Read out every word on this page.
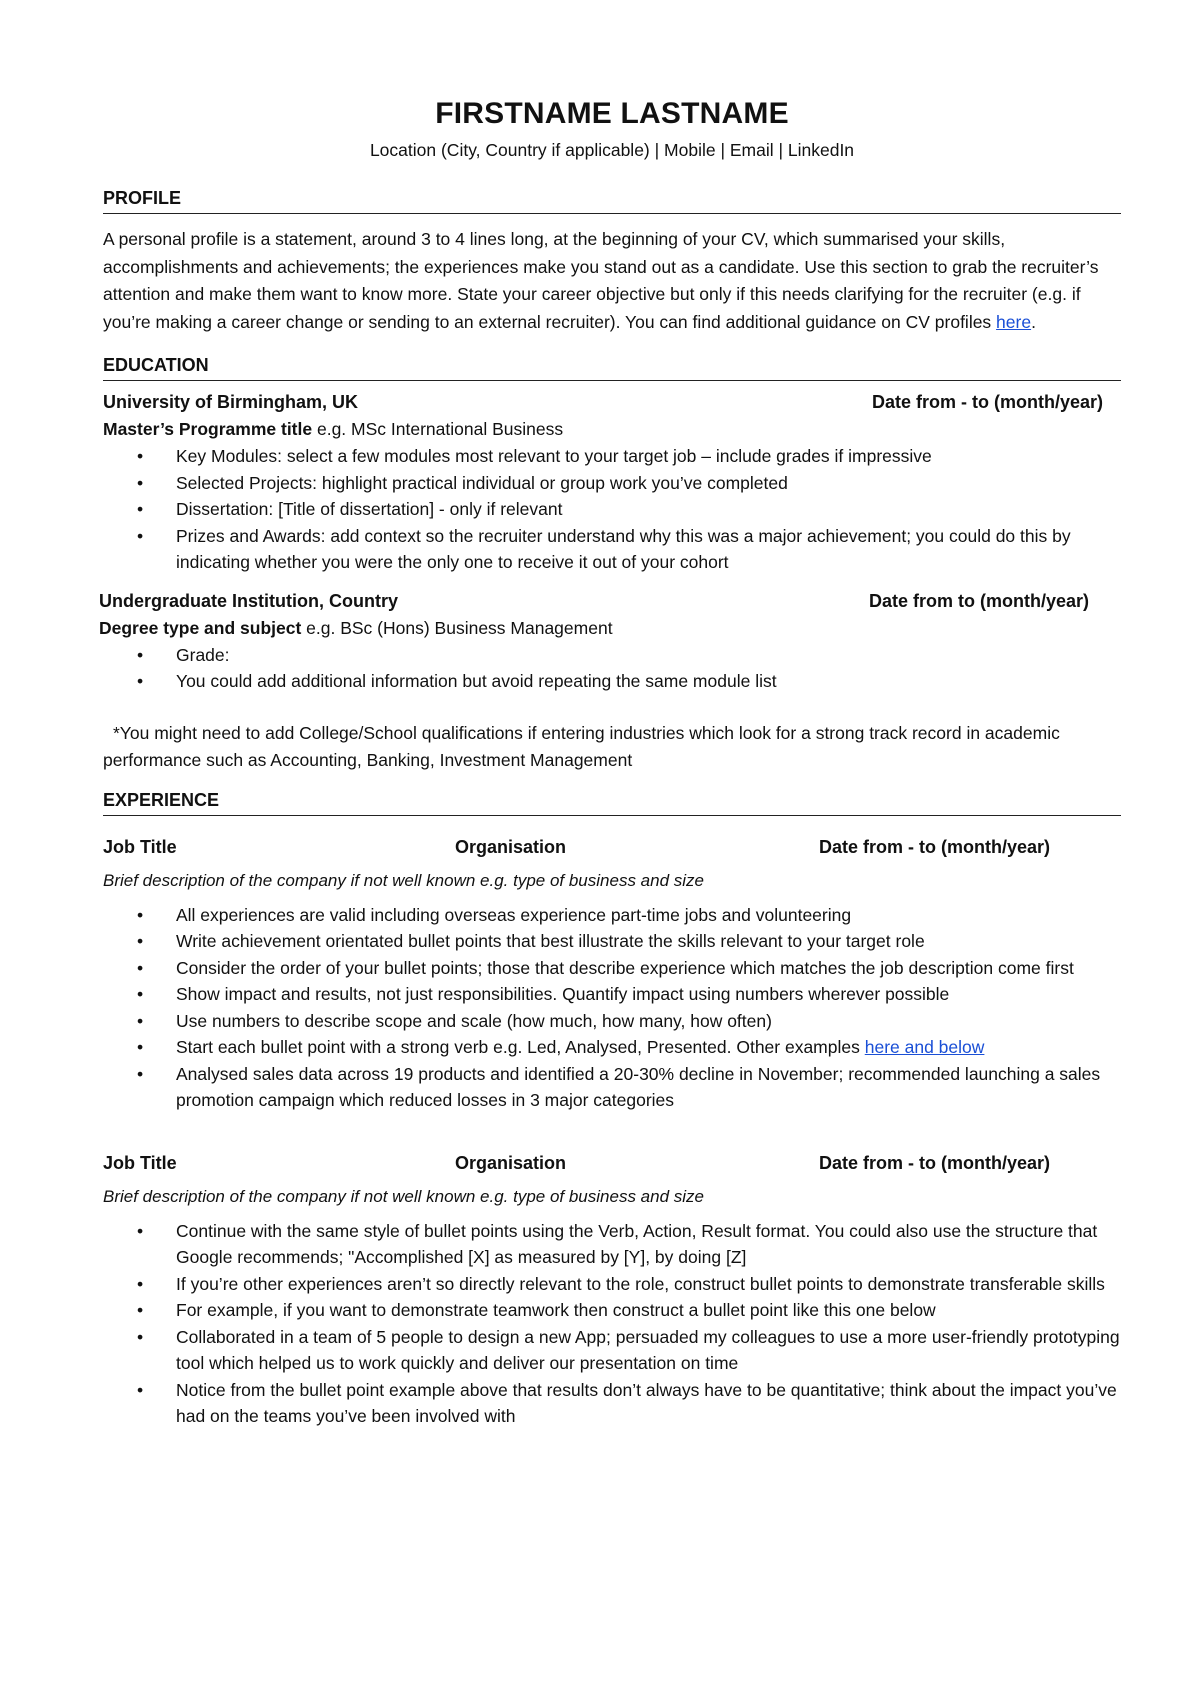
FIRSTNAME LASTNAME
Location (City, Country if applicable) | Mobile | Email | LinkedIn
PROFILE

A personal profile is a statement, around 3 to 4 lines long, at the beginning of your CV, which summarised your skills, accomplishments and achievements; the experiences make you stand out as a candidate. Use this section to grab the recruiter’s attention and make them want to know more. State your career objective but only if this needs clarifying for the recruiter (e.g. if you’re making a career change or sending to an external recruiter). You can find additional guidance on CV profiles here.

EDUCATION
University of Birmingham, UK	Date from - to (month/year)
Master’s Programme title e.g. MSc International Business
• Key Modules: select a few modules most relevant to your target job – include grades if impressive
• Selected Projects: highlight practical individual or group work you’ve completed
• Dissertation: [Title of dissertation] - only if relevant
• Prizes and Awards: add context so the recruiter understand why this was a major achievement; you could do this by indicating whether you were the only one to receive it out of your cohort
Undergraduate Institution, Country	Date from to (month/year)
Degree type and subject e.g. BSc (Hons) Business Management
• Grade:
• You could add additional information but avoid repeating the same module list

*You might need to add College/School qualifications if entering industries which look for a strong track record in academic performance such as Accounting, Banking, Investment Management

EXPERIENCE
Job Title	Organisation	Date from - to (month/year)
Brief description of the company if not well known e.g. type of business and size
• All experiences are valid including overseas experience part-time jobs and volunteering
• Write achievement orientated bullet points that best illustrate the skills relevant to your target role
• Consider the order of your bullet points; those that describe experience which matches the job description come first
• Show impact and results, not just responsibilities. Quantify impact using numbers wherever possible
• Use numbers to describe scope and scale (how much, how many, how often)
• Start each bullet point with a strong verb e.g. Led, Analysed, Presented. Other examples here and below
• Analysed sales data across 19 products and identified a 20-30% decline in November; recommended launching a sales promotion campaign which reduced losses in 3 major categories
Job Title	Organisation	Date from - to (month/year)
Brief description of the company if not well known e.g. type of business and size
• Continue with the same style of bullet points using the Verb, Action, Result format. You could also use the structure that Google recommends; "Accomplished [X] as measured by [Y], by doing [Z]
• If you’re other experiences aren’t so directly relevant to the role, construct bullet points to demonstrate transferable skills
• For example, if you want to demonstrate teamwork then construct a bullet point like this one below
• Collaborated in a team of 5 people to design a new App; persuaded my colleagues to use a more user-friendly prototyping tool which helped us to work quickly and deliver our presentation on time
• Notice from the bullet point example above that results don’t always have to be quantitative; think about the impact you’ve had on the teams you’ve been involved with
